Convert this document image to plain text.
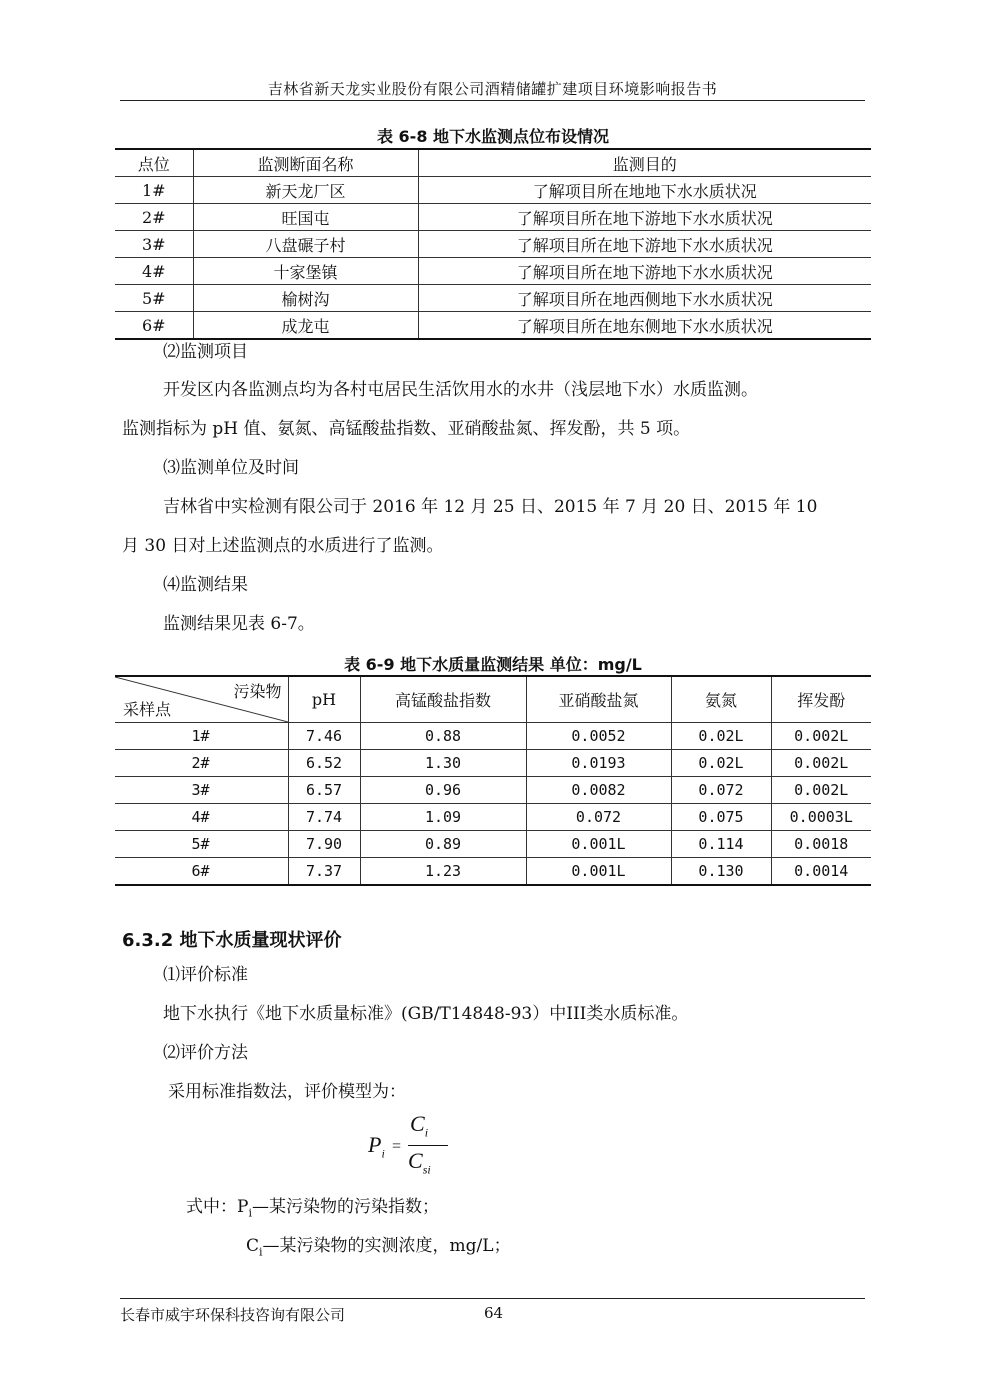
吉林省新天龙实业股份有限公司酒精储罐扩建项目环境影响报告书
表 6-8 地下水监测点位布设情况
点位	监测断面名称	监测目的
1#	新天龙厂区	了解项目所在地地下水水质状况
2#	旺国屯	了解项目所在地下游地下水水质状况
3#	八盘碾子村	了解项目所在地下游地下水水质状况
4#	十家堡镇	了解项目所在地下游地下水水质状况
5#	榆树沟	了解项目所在地西侧地下水水质状况
6#	成龙屯	了解项目所在地东侧地下水水质状况
⑵监测项目
开发区内各监测点均为各村屯居民生活饮用水的水井（浅层地下水）水质监测。
监测指标为 pH 值、氨氮、高锰酸盐指数、亚硝酸盐氮、挥发酚，共 5 项。
⑶监测单位及时间
吉林省中实检测有限公司于 2016 年 12 月 25 日、2015 年 7 月 20 日、2015 年 10
月 30 日对上述监测点的水质进行了监测。
⑷监测结果
监测结果见表 6-7。
表 6-9 地下水质量监测结果 单位：mg/L
污染物
采样点	pH	高锰酸盐指数	亚硝酸盐氮	氨氮	挥发酚
1#	7.46	0.88	0.0052	0.02L	0.002L
2#	6.52	1.30	0.0193	0.02L	0.002L
3#	6.57	0.96	0.0082	0.072	0.002L
4#	7.74	1.09	0.072	0.075	0.0003L
5#	7.90	0.89	0.001L	0.114	0.0018
6#	7.37	1.23	0.001L	0.130	0.0014
6.3.2 地下水质量现状评价
⑴评价标准
地下水执行《地下水质量标准》(GB/T14848-93）中III类水质标准。
⑵评价方法
采用标准指数法，评价模型为：
$P_i$ =
$C_i$
$C_{si}$
式中：$P_i—$某污染物的污染指数；
$C_i—$某污染物的实测浓度，mg/L；
长春市威宇环保科技咨询有限公司	64
